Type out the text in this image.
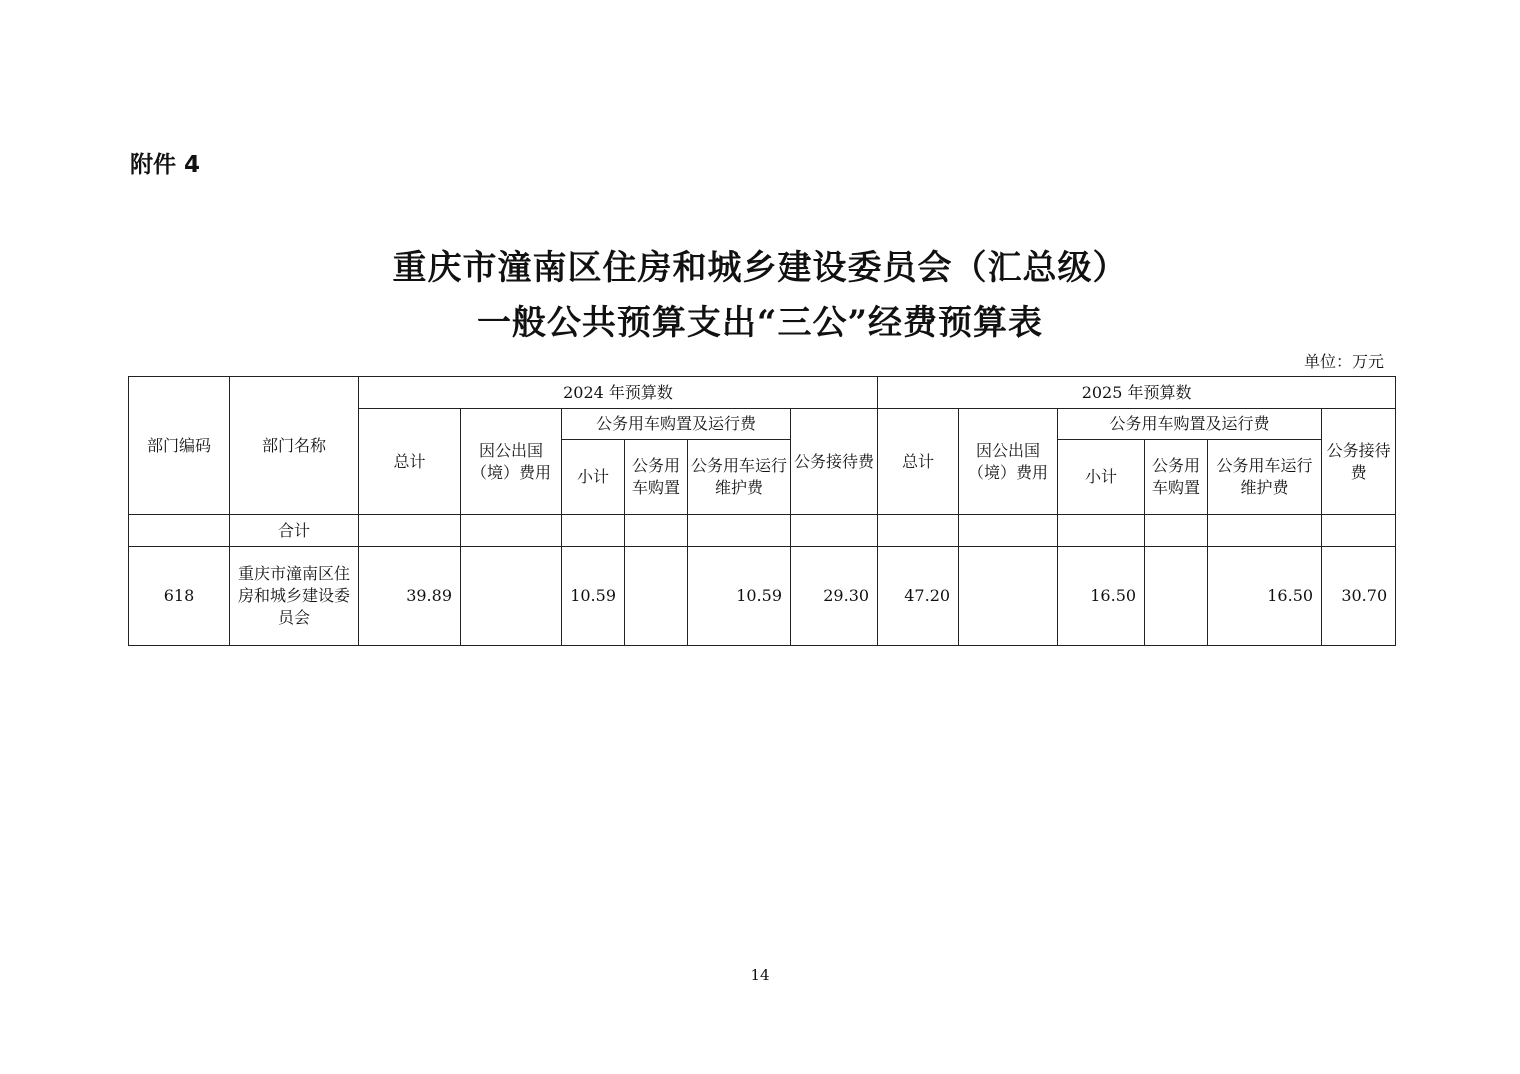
附件 4
重庆市潼南区住房和城乡建设委员会（汇总级）
一般公共预算支出“三公”经费预算表
单位：万元
部门编码	部门名称	2024 年预算数						2025 年预算数					
		总计	因公出国（境）费用	公务用车购置及运行费			公务接待费	总计	因公出国（境）费用	公务用车购置及运行费			公务接待费
				小计	公务用车购置	公务用车运行维护费				小计	公务用车购置	公务用车运行维护费	
	合计												
618	重庆市潼南区住房和城乡建设委员会	39.89		10.59		10.59	29.30	47.20		16.50		16.50	30.70
14
